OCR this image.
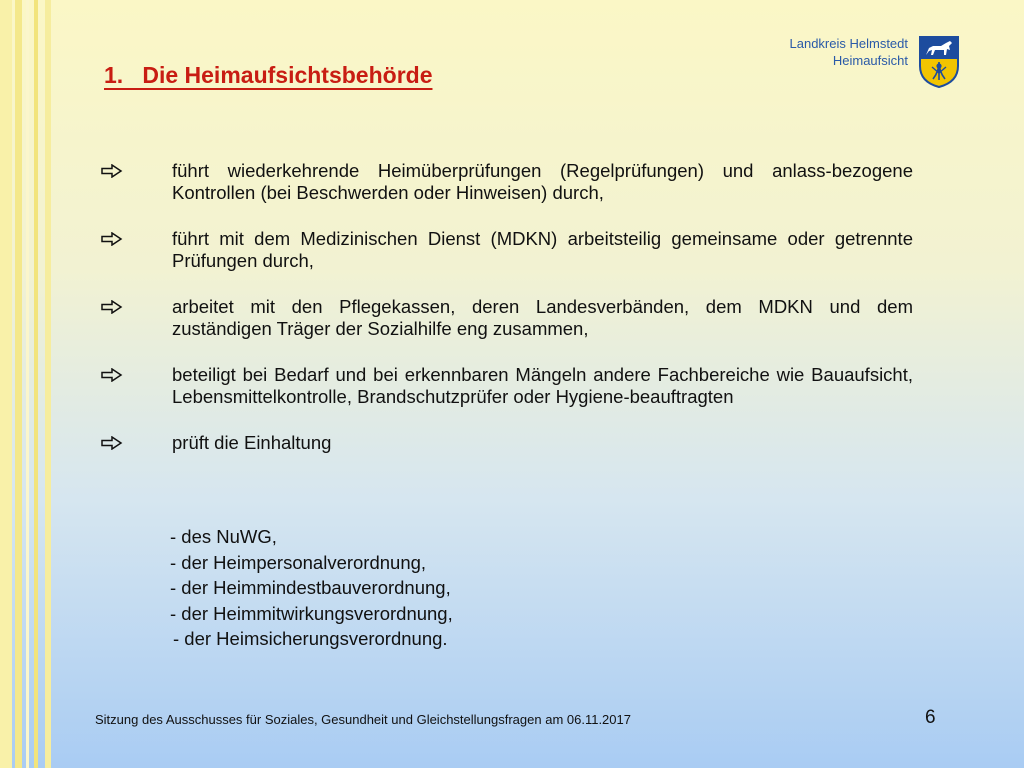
Landkreis Helmstedt
Heimaufsicht
1.   Die Heimaufsichtsbehörde
führt wiederkehrende Heimüberprüfungen (Regelprüfungen) und anlass-bezogene Kontrollen (bei Beschwerden oder Hinweisen) durch,
führt mit dem Medizinischen Dienst (MDKN) arbeitsteilig gemeinsame oder getrennte Prüfungen durch,
arbeitet mit den Pflegekassen, deren Landesverbänden, dem MDKN und dem zuständigen Träger der Sozialhilfe eng zusammen,
beteiligt bei Bedarf und bei erkennbaren Mängeln andere Fachbereiche wie Bauaufsicht, Lebensmittelkontrolle, Brandschutzprüfer oder Hygiene-beauftragten
prüft die Einhaltung
- des NuWG,
- der Heimpersonalverordnung,
- der Heimmindestbauverordnung,
- der Heimmitwirkungsverordnung,
- der Heimsicherungsverordnung.
Sitzung des Ausschusses für Soziales, Gesundheit und Gleichstellungsfragen am 06.11.2017	6
